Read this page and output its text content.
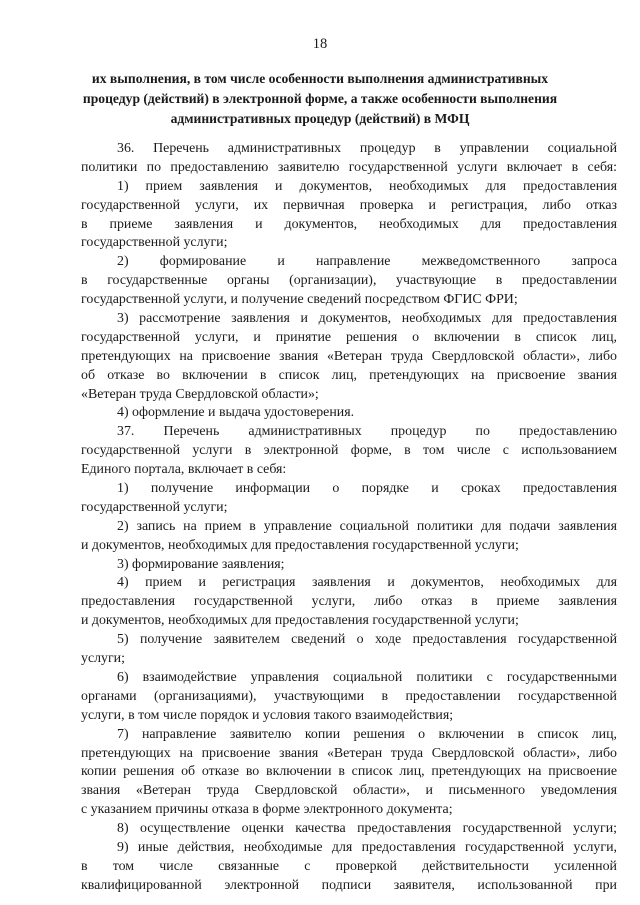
18
их выполнения, в том числе особенности выполнения административных
процедур (действий) в электронной форме, а также особенности выполнения
административных процедур (действий) в МФЦ
36. Перечень административных процедур в управлении социальной
политики по предоставлению заявителю государственной услуги включает в себя:
1) прием заявления и документов, необходимых для предоставления
государственной услуги, их первичная проверка и регистрация, либо отказ
в приеме заявления и документов, необходимых для предоставления
государственной услуги;
2) формирование и направление межведомственного запроса
в государственные органы (организации), участвующие в предоставлении
государственной услуги, и получение сведений посредством ФГИС ФРИ;
3) рассмотрение заявления и документов, необходимых для предоставления
государственной услуги, и принятие решения о включении в список лиц,
претендующих на присвоение звания «Ветеран труда Свердловской области», либо
об отказе во включении в список лиц, претендующих на присвоение звания
«Ветеран труда Свердловской области»;
4) оформление и выдача удостоверения.
37. Перечень административных процедур по предоставлению
государственной услуги в электронной форме, в том числе с использованием
Единого портала, включает в себя:
1) получение информации о порядке и сроках предоставления
государственной услуги;
2) запись на прием в управление социальной политики для подачи заявления
и документов, необходимых для предоставления государственной услуги;
3) формирование заявления;
4) прием и регистрация заявления и документов, необходимых для
предоставления государственной услуги, либо отказ в приеме заявления
и документов, необходимых для предоставления государственной услуги;
5) получение заявителем сведений о ходе предоставления государственной
услуги;
6) взаимодействие управления социальной политики с государственными
органами (организациями), участвующими в предоставлении государственной
услуги, в том числе порядок и условия такого взаимодействия;
7) направление заявителю копии решения о включении в список лиц,
претендующих на присвоение звания «Ветеран труда Свердловской области», либо
копии решения об отказе во включении в список лиц, претендующих на присвоение
звания «Ветеран труда Свердловской области», и письменного уведомления
с указанием причины отказа в форме электронного документа;
8) осуществление оценки качества предоставления государственной услуги;
9) иные действия, необходимые для предоставления государственной услуги,
в том числе связанные с проверкой действительности усиленной
квалифицированной электронной подписи заявителя, использованной при
